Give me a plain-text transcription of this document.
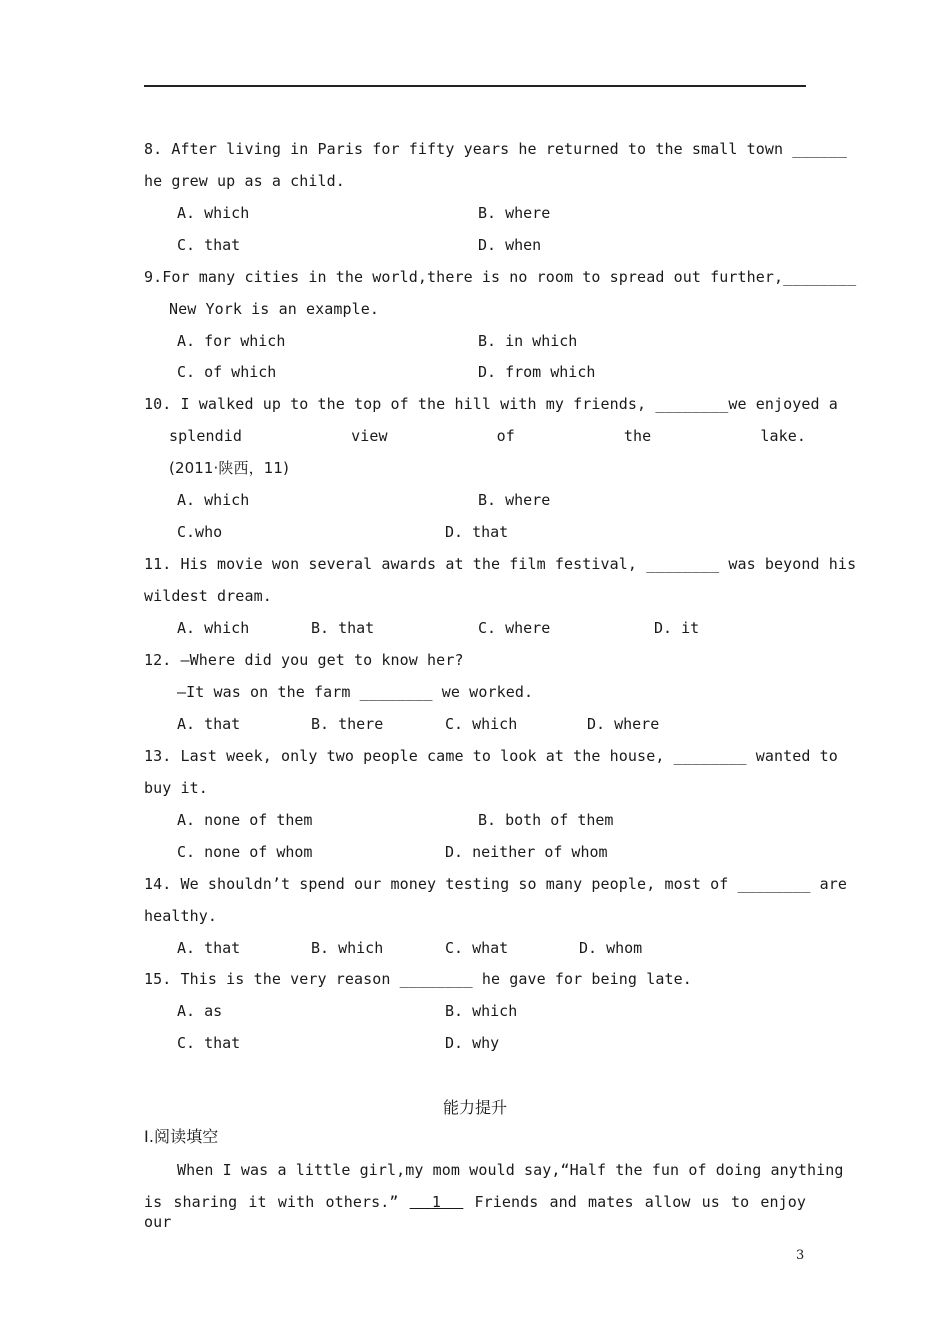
8. After living in Paris for fifty years he returned to the small town ______
he grew up as a child.
A. which	B. where
C. that	D. when
9.For many cities in the world,there is no room to spread out further,________
New York is an example.
A. for which	B. in which
C. of which	D. from which
10. I walked up to the top of the hill with my friends, ________we enjoyed a
splendid view of the lake.
(2011·陕西，11)
A. which	B. where
C.who	D. that
11. His movie won several awards at the film festival, ________ was beyond his
wildest dream.
A. which	B. that	C. where	D. it
12. —Where did you get to know her?
—It was on the farm ________ we worked.
A. that	B. there	C. which	D. where
13. Last week, only two people came to look at the house, ________ wanted to
buy it.
A. none of them	B. both of them
C. none of whom	D. neither of whom
14. We shouldn’t spend our money testing so many people, most of ________ are
healthy.
A. that	B. which	C. what	D. whom
15. This is the very reason ________ he gave for being late.
A. as	B. which
C. that	D. why
能力提升
Ⅰ.阅读填空
When I was a little girl,my mom would say,“Half the fun of doing anything
is sharing it with others.” 1 Friends and mates allow us to enjoy our
3
